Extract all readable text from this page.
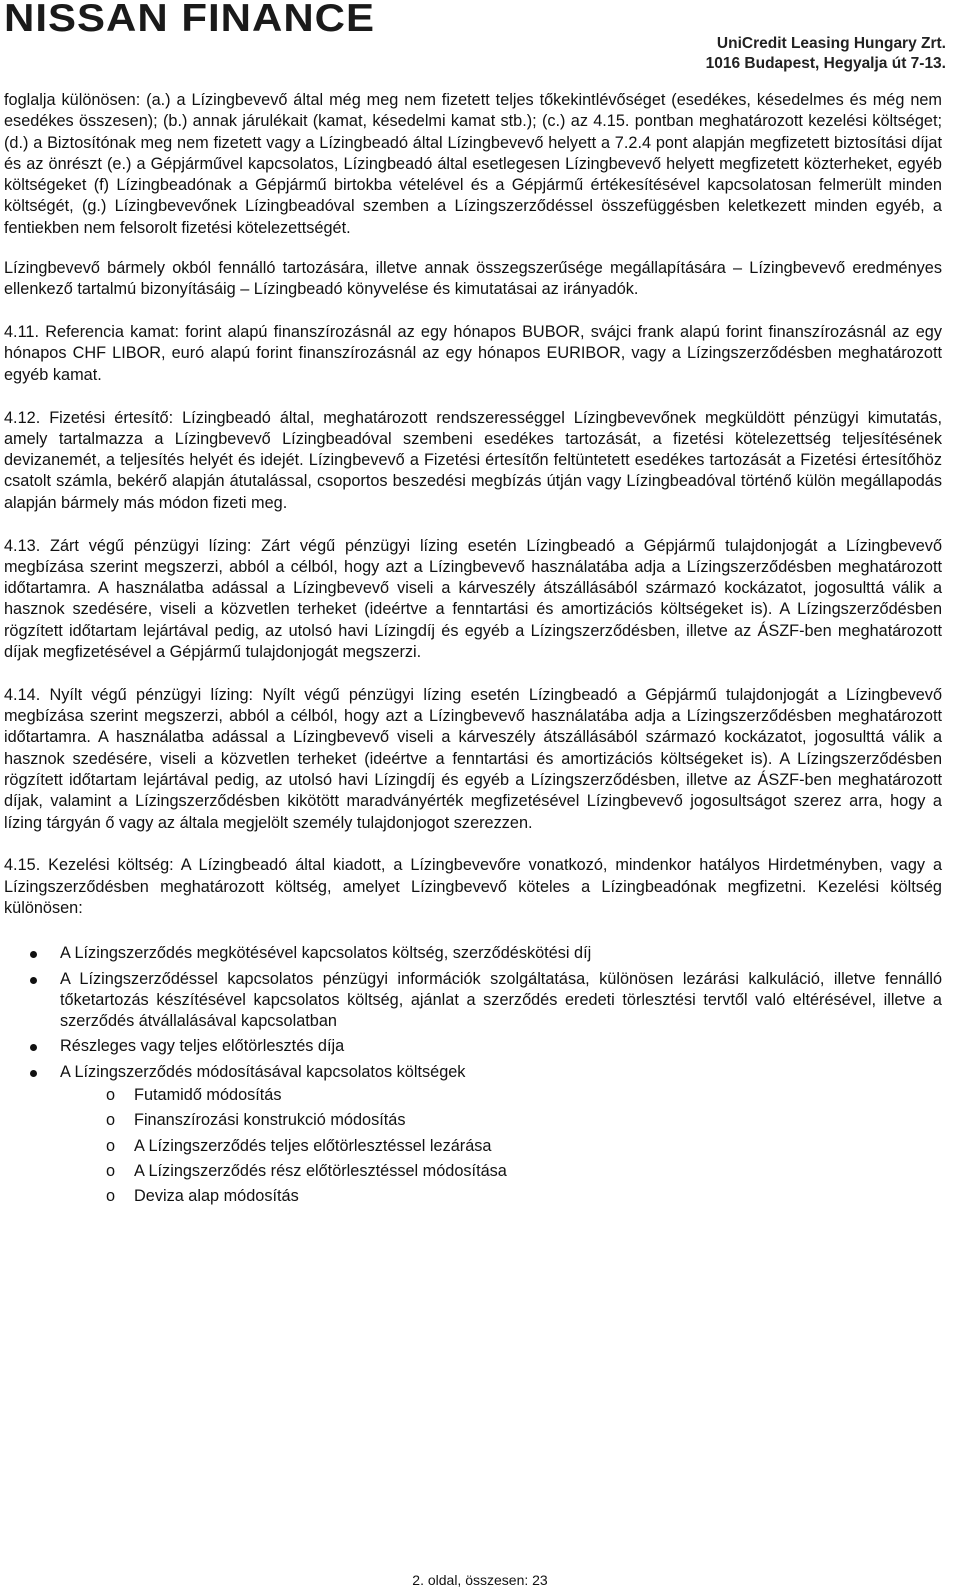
NISSAN FINANCE
UniCredit Leasing Hungary Zrt.
1016 Budapest, Hegyalja út 7-13.

foglalja különösen: (a.) a Lízingbevevő által még meg nem fizetett teljes tőkekintlévőséget (esedékes, késedelmes és még nem esedékes összesen); (b.) annak járulékait (kamat, késedelmi kamat stb.); (c.) az 4.15. pontban meghatározott kezelési költséget; (d.) a Biztosítónak meg nem fizetett vagy a Lízingbeadó által Lízingbevevő helyett a 7.2.4 pont alapján megfizetett biztosítási díjat és az önrészt (e.) a Gépjárművel kapcsolatos, Lízingbeadó által esetlegesen Lízingbevevő helyett megfizetett közterheket, egyéb költségeket (f) Lízingbeadónak a Gépjármű birtokba vételével és a Gépjármű értékesítésével kapcsolatosan felmerült minden költségét, (g.) Lízingbevevőnek Lízingbeadóval szemben a Lízingszerződéssel összefüggésben keletkezett minden egyéb, a fentiekben nem felsorolt fizetési kötelezettségét.

Lízingbevevő bármely okból fennálló tartozására, illetve annak összegszerűsége megállapítására – Lízingbevevő eredményes ellenkező tartalmú bizonyításáig – Lízingbeadó könyvelése és kimutatásai az irányadók.

4.11. Referencia kamat: forint alapú finanszírozásnál az egy hónapos BUBOR, svájci frank alapú forint finanszírozásnál az egy hónapos CHF LIBOR, euró alapú forint finanszírozásnál az egy hónapos EURIBOR, vagy a Lízingszerződésben meghatározott egyéb kamat.

4.12. Fizetési értesítő: Lízingbeadó által, meghatározott rendszerességgel Lízingbevevőnek megküldött pénzügyi kimutatás, amely tartalmazza a Lízingbevevő Lízingbeadóval szembeni esedékes tartozását, a fizetési kötelezettség teljesítésének devizanemét, a teljesítés helyét és idejét. Lízingbevevő a Fizetési értesítőn feltüntetett esedékes tartozását a Fizetési értesítőhöz csatolt számla, bekérő alapján átutalással, csoportos beszedési megbízás útján vagy Lízingbeadóval történő külön megállapodás alapján bármely más módon fizeti meg.

4.13. Zárt végű pénzügyi lízing: Zárt végű pénzügyi lízing esetén Lízingbeadó a Gépjármű tulajdonjogát a Lízingbevevő megbízása szerint megszerzi, abból a célból, hogy azt a Lízingbevevő használatába adja a Lízingszerződésben meghatározott időtartamra. A használatba adással a Lízingbevevő viseli a kárveszély átszállásából származó kockázatot, jogosulttá válik a hasznok szedésére, viseli a közvetlen terheket (ideértve a fenntartási és amortizációs költségeket is). A Lízingszerződésben rögzített időtartam lejártával pedig, az utolsó havi Lízingdíj és egyéb a Lízingszerződésben, illetve az ÁSZF-ben meghatározott díjak megfizetésével a Gépjármű tulajdonjogát megszerzi.

4.14. Nyílt végű pénzügyi lízing: Nyílt végű pénzügyi lízing esetén Lízingbeadó a Gépjármű tulajdonjogát a Lízingbevevő megbízása szerint megszerzi, abból a célból, hogy azt a Lízingbevevő használatába adja a Lízingszerződésben meghatározott időtartamra. A használatba adással a Lízingbevevő viseli a kárveszély átszállásából származó kockázatot, jogosulttá válik a hasznok szedésére, viseli a közvetlen terheket (ideértve a fenntartási és amortizációs költségeket is). A Lízingszerződésben rögzített időtartam lejártával pedig, az utolsó havi Lízingdíj és egyéb a Lízingszerződésben, illetve az ÁSZF-ben meghatározott díjak, valamint a Lízingszerződésben kikötött maradványérték megfizetésével Lízingbevevő jogosultságot szerez arra, hogy a lízing tárgyán ő vagy az általa megjelölt személy tulajdonjogot szerezzen.

4.15. Kezelési költség: A Lízingbeadó által kiadott, a Lízingbevevőre vonatkozó, mindenkor hatályos Hirdetményben, vagy a Lízingszerződésben meghatározott költség, amelyet Lízingbevevő köteles a Lízingbeadónak megfizetni. Kezelési költség különösen:

A Lízingszerződés megkötésével kapcsolatos költség, szerződéskötési díj
A Lízingszerződéssel kapcsolatos pénzügyi információk szolgáltatása, különösen lezárási kalkuláció, illetve fennálló tőketartozás készítésével kapcsolatos költség, ajánlat a szerződés eredeti törlesztési tervtől való eltérésével, illetve a szerződés átvállalásával kapcsolatban
Részleges vagy teljes előtörlesztés díja
A Lízingszerződés módosításával kapcsolatos költségek
o Futamidő módosítás
o Finanszírozási konstrukció módosítás
o A Lízingszerződés teljes előtörlesztéssel lezárása
o A Lízingszerződés rész előtörlesztéssel módosítása
o Deviza alap módosítás
2. oldal, összesen: 23
